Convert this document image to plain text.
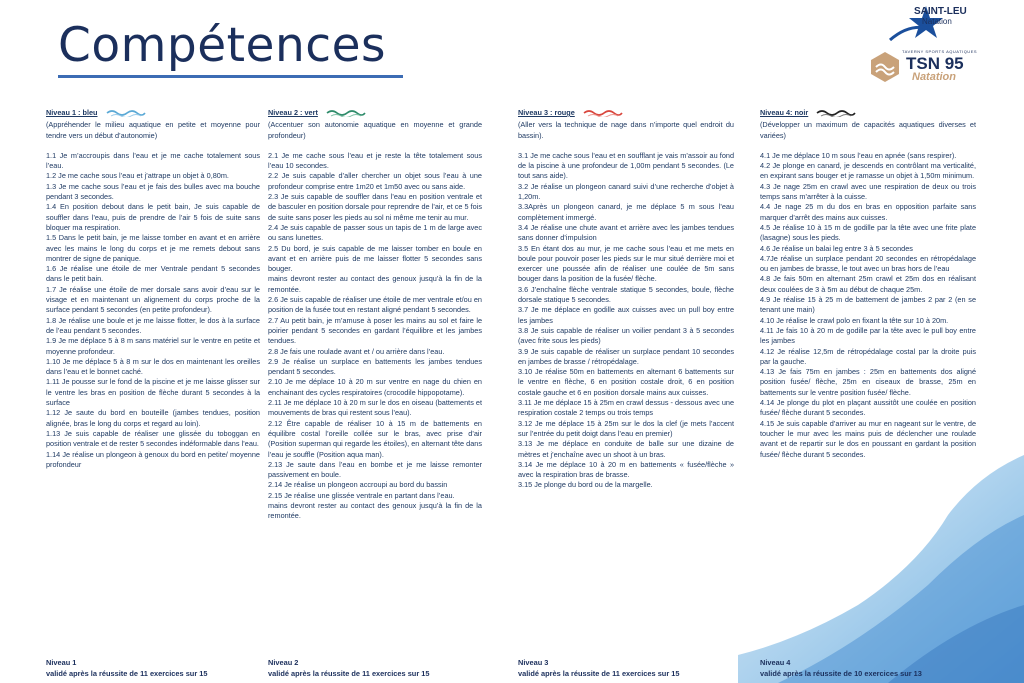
Compétences
SAINT-LEU
Natation
TAVERNY SPORTS AQUATIQUES
TSN 95
Natation
Niveau 1 : bleu
(Appréhender le milieu aquatique en petite et moyenne pour tendre vers un début d’autonomie)

1.1 Je m’accroupis dans l’eau et je me cache totalement sous l’eau.

1.2 Je me cache sous l’eau et j’attrape un objet à 0,80m.

1.3 Je me cache sous l’eau et je fais des bulles avec ma bouche pendant 3 secondes.

1.4 En position debout dans le petit bain, Je suis capable de souffler dans l’eau, puis de prendre de l’air 5 fois de suite sans bloquer ma respiration.

1.5 Dans le petit bain, je me laisse tomber en avant et en arrière avec les mains le long du corps et je me remets debout sans montrer de signe de panique.

1.6 Je réalise une étoile de mer Ventrale pendant 5 secondes dans le petit bain.

1.7 Je réalise une étoile de mer dorsale sans avoir d’eau sur le visage et en maintenant un alignement du corps proche de la surface pendant 5 secondes (en petite profondeur).

1.8 Je réalise une boule et je me laisse flotter, le dos à la surface de l’eau pendant 5 secondes.

1.9 Je me déplace 5 à 8 m sans matériel sur le ventre en petite et moyenne profondeur.

1.10 Je me déplace 5 à 8 m sur le dos en maintenant les oreilles dans l’eau et le bonnet caché.

1.11 Je pousse sur le fond de la piscine et je me laisse glisser sur le ventre les bras en position de flèche durant 5 secondes à la surface

1.12 Je saute du bord en bouteille (jambes tendues, position alignée, bras le long du corps et regard au loin).

1.13 Je suis capable de réaliser une glissée du toboggan en position ventrale et de rester 5 secondes indéformable dans l’eau.

1.14 Je réalise un plongeon à genoux du bord en petite/ moyenne profondeur

Niveau 2 : vert
(Accentuer son autonomie aquatique en moyenne et grande profondeur)

2.1 Je me cache sous l’eau et je reste la tête totalement sous l’eau 10 secondes.

2.2 Je suis capable d’aller chercher un objet sous l’eau à une profondeur comprise entre 1m20 et 1m50 avec ou sans aide.

2.3 Je suis capable de souffler dans l’eau en position ventrale et de basculer en position dorsale pour reprendre de l’air, et ce 5 fois de suite sans poser les pieds au sol ni même me tenir au mur.

2.4 Je suis capable de passer sous un tapis de 1 m de large avec ou sans lunettes.

2.5 Du bord, je suis capable de me laisser tomber en boule en avant et en arrière puis de me laisser flotter 5 secondes sans bouger.

mains devront rester au contact des genoux jusqu’à la fin de la remontée.

2.6 Je suis capable de réaliser une étoile de mer ventrale et/ou en position de la fusée tout en restant aligné pendant 5 secondes.

2.7 Au petit bain, je m’amuse à poser les mains au sol et faire le poirier pendant 5 secondes en gardant l’équilibre et les jambes tendues.

2.8 Je fais une roulade avant et / ou arrière dans l’eau.

2.9 Je réalise un surplace en battements les jambes tendues pendant 5 secondes.

2.10 Je me déplace 10 à 20 m sur ventre en nage du chien en enchainant des cycles respiratoires (crocodile hippopotame).

2.11 Je me déplace 10 à 20 m sur le dos en oiseau (battements et mouvements de bras qui restent sous l’eau).

2.12 Être capable de réaliser 10 à 15 m de battements en équilibre costal l’oreille collée sur le bras, avec prise d’air (Position superman qui regarde les étoiles), en alternant tête dans l’eau je souffle (Position aqua man).

2.13 Je saute dans l’eau en bombe et je me laisse remonter passivement en boule.

2.14 Je réalise un plongeon accroupi au bord du bassin

2.15 Je réalise une glissée ventrale en partant dans l’eau.

mains devront rester au contact des genoux jusqu’à la fin de la remontée.

Niveau 3 : rouge
(Aller vers la technique de nage dans n’importe quel endroit du bassin).

3.1 Je me cache sous l’eau et en soufflant je vais m’assoir au fond de la piscine à une profondeur de 1,00m pendant 5 secondes. (Le tout sans aide).

3.2 Je réalise un plongeon canard suivi d’une recherche d’objet à 1,20m.

3.3Après un plongeon canard, je me déplace 5 m sous l’eau complètement immergé.

3.4 Je réalise une chute avant et arrière avec les jambes tendues sans donner d’impulsion

3.5 En étant dos au mur, je me cache sous l’eau et me mets en boule pour pouvoir poser les pieds sur le mur situé derrière moi et exercer une poussée afin de réaliser une coulée de 5m sans bouger dans la position de la fusée/ flèche.

3.6 J’enchaîne flèche ventrale statique 5 secondes, boule, flèche dorsale statique 5 secondes.

3.7 Je me déplace en godille aux cuisses avec un pull boy entre les jambes

3.8 Je suis capable de réaliser un voilier pendant 3 à 5 secondes (avec frite sous les pieds)

3.9 Je suis capable de réaliser un surplace pendant 10 secondes en jambes de brasse / rétropédalage.

3.10 Je réalise 50m en battements en alternant 6 battements sur le ventre en flèche, 6 en position costale droit, 6 en position costale gauche et 6 en position dorsale mains aux cuisses.

3.11 Je me déplace 15 à 25m en crawl dessus - dessous avec une respiration costale 2 temps ou trois temps

3.12 Je me déplace 15 à 25m sur le dos la clef (je mets l’accent sur l’entrée du petit doigt dans l’eau en premier)

3.13 Je me déplace en conduite de balle sur une dizaine de mètres et j’enchaîne avec un shoot à un bras.

3.14 Je me déplace 10 à 20 m en battements « fusée/flèche » avec la respiration bras de brasse.

3.15 Je plonge du bord ou de la margelle.

Niveau 4: noir
(Développer un maximum de capacités aquatiques diverses et variées)

4.1 Je me déplace 10 m sous l’eau en apnée (sans respirer).

4.2 Je plonge en canard, je descends en contrôlant ma verticalité, en expirant sans bouger et je ramasse un objet à 1,50m minimum.

4.3 Je nage 25m en crawl avec une respiration de deux ou trois temps sans m’arrêter à la cuisse.

4.4 Je nage 25 m du dos en bras en opposition parfaite sans marquer d’arrêt des mains aux cuisses.

4.5 Je réalise 10 à 15 m de godille par la tête avec une frite plate (lasagne) sous les pieds.

4.6 Je réalise un balai leg entre 3 à 5 secondes

4.7Je réalise un surplace pendant 20 secondes en rétropédalage ou en jambes de brasse, le tout avec un bras hors de l’eau

4.8 Je fais 50m en alternant 25m crawl et 25m dos en réalisant deux coulées de 3 à 5m au début de chaque 25m.

4.9 Je réalise 15 à 25 m de battement de jambes 2 par 2 (en se tenant une main)

4.10 Je réalise le crawl polo en fixant la tête sur 10 à 20m.

4.11 Je fais 10 à 20 m de godille par la tête avec le pull boy entre les jambes

4.12 Je réalise 12,5m de rétropédalage costal par la droite puis par la gauche.

4.13 Je fais 75m en jambes : 25m en battements dos aligné position fusée/ flèche, 25m en ciseaux de brasse, 25m en battements sur le ventre position fusée/ flèche.

4.14 Je plonge du plot en plaçant aussitôt une coulée en position fusée/ flèche durant 5 secondes.

4.15 Je suis capable d’arriver au mur en nageant sur le ventre, de toucher le mur avec les mains puis de déclencher une roulade avant et de repartir sur le dos en poussant en gardant la position fusée/ flèche durant 5 secondes.

Niveau 1
validé après la réussite de 11 exercices sur 15
Niveau 2
validé après la réussite de 11 exercices sur 15
Niveau 3
validé après la réussite de 11 exercices sur 15
Niveau 4
validé après la réussite de 10 exercices sur 13
